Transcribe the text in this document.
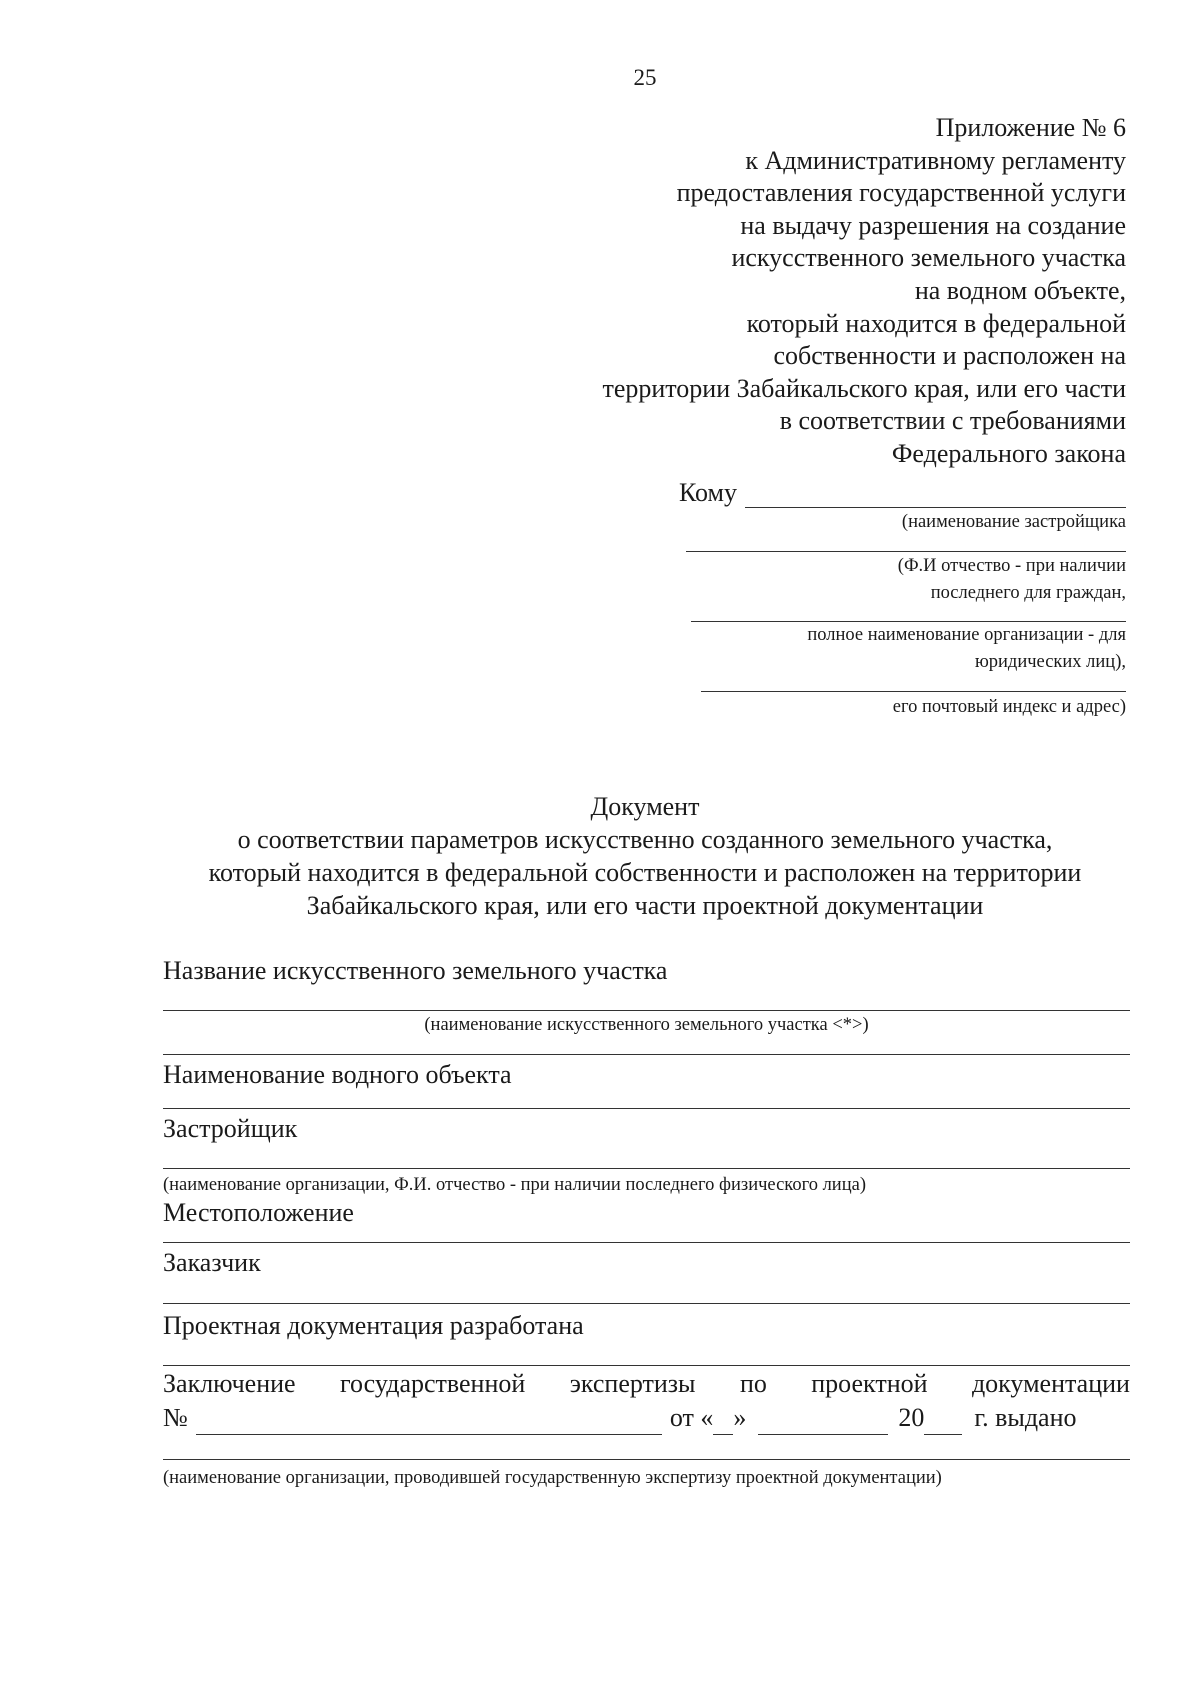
25
Приложение № 6
к Административному регламенту
предоставления государственной услуги
на выдачу разрешения на создание
искусственного земельного участка
на водном объекте,
который находится в федеральной
собственности и расположен на
территории Забайкальского края, или его части
в соответствии с требованиями
Федерального закона
Кому
(наименование застройщика
(Ф.И отчество - при наличии
последнего для граждан,
полное наименование организации - для
юридических лиц),
его почтовый индекс и адрес)
Документ
о соответствии параметров искусственно созданного земельного участка,
который находится в федеральной собственности и расположен на территории
Забайкальского края, или его части проектной документации
Название искусственного земельного участка
(наименование искусственного земельного участка <*>)
Наименование водного объекта
Застройщик
(наименование организации, Ф.И. отчество - при наличии последнего физического лица)
Местоположение
Заказчик
Проектная документация разработана
Заключение государственной экспертизы по проектной документации
№	от « »	20 г. выдано
(наименование организации, проводившей государственную экспертизу проектной документации)
